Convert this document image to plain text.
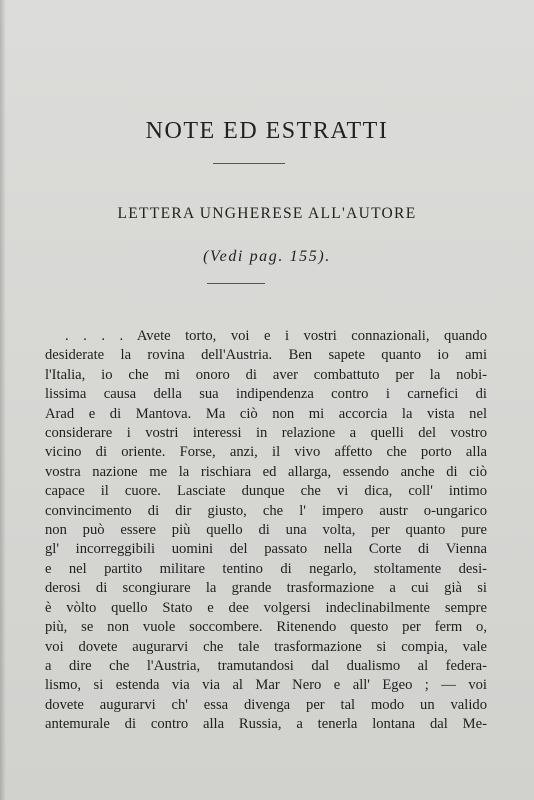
NOTE ED ESTRATTI
LETTERA UNGHERESE ALL'AUTORE
(Vedi pag. 155).
. . . . Avete torto, voi e i vostri connazionali, quando
desiderate la rovina dell'Austria. Ben sapete quanto io ami
l'Italia, io che mi onoro di aver combattuto per la nobi-
lissima causa della sua indipendenza contro i carnefici di
Arad e di Mantova. Ma ciò non mi accorcia la vista nel
considerare i vostri interessi in relazione a quelli del vostro
vicino di oriente. Forse, anzi, il vivo affetto che porto alla
vostra nazione me la rischiara ed allarga, essendo anche di ciò
capace il cuore. Lasciate dunque che vi dica, coll' intimo
convincimento di dir giusto, che l' impero austr o-ungarico
non può essere più quello di una volta, per quanto pure
gl' incorreggibili uomini del passato nella Corte di Vienna
e nel partito militare tentino di negarlo, stoltamente desi-
derosi di scongiurare la grande trasformazione a cui già si
è vòlto quello Stato e dee volgersi indeclinabilmente sempre
più, se non vuole soccombere. Ritenendo questo per ferm o,
voi dovete augurarvi che tale trasformazione si compia, vale
a dire che l'Austria, tramutandosi dal dualismo al federa-
lismo, si estenda via via al Mar Nero e all' Egeo ; — voi
dovete augurarvi ch' essa divenga per tal modo un valido
antemurale di contro alla Russia, a tenerla lontana dal Me-
